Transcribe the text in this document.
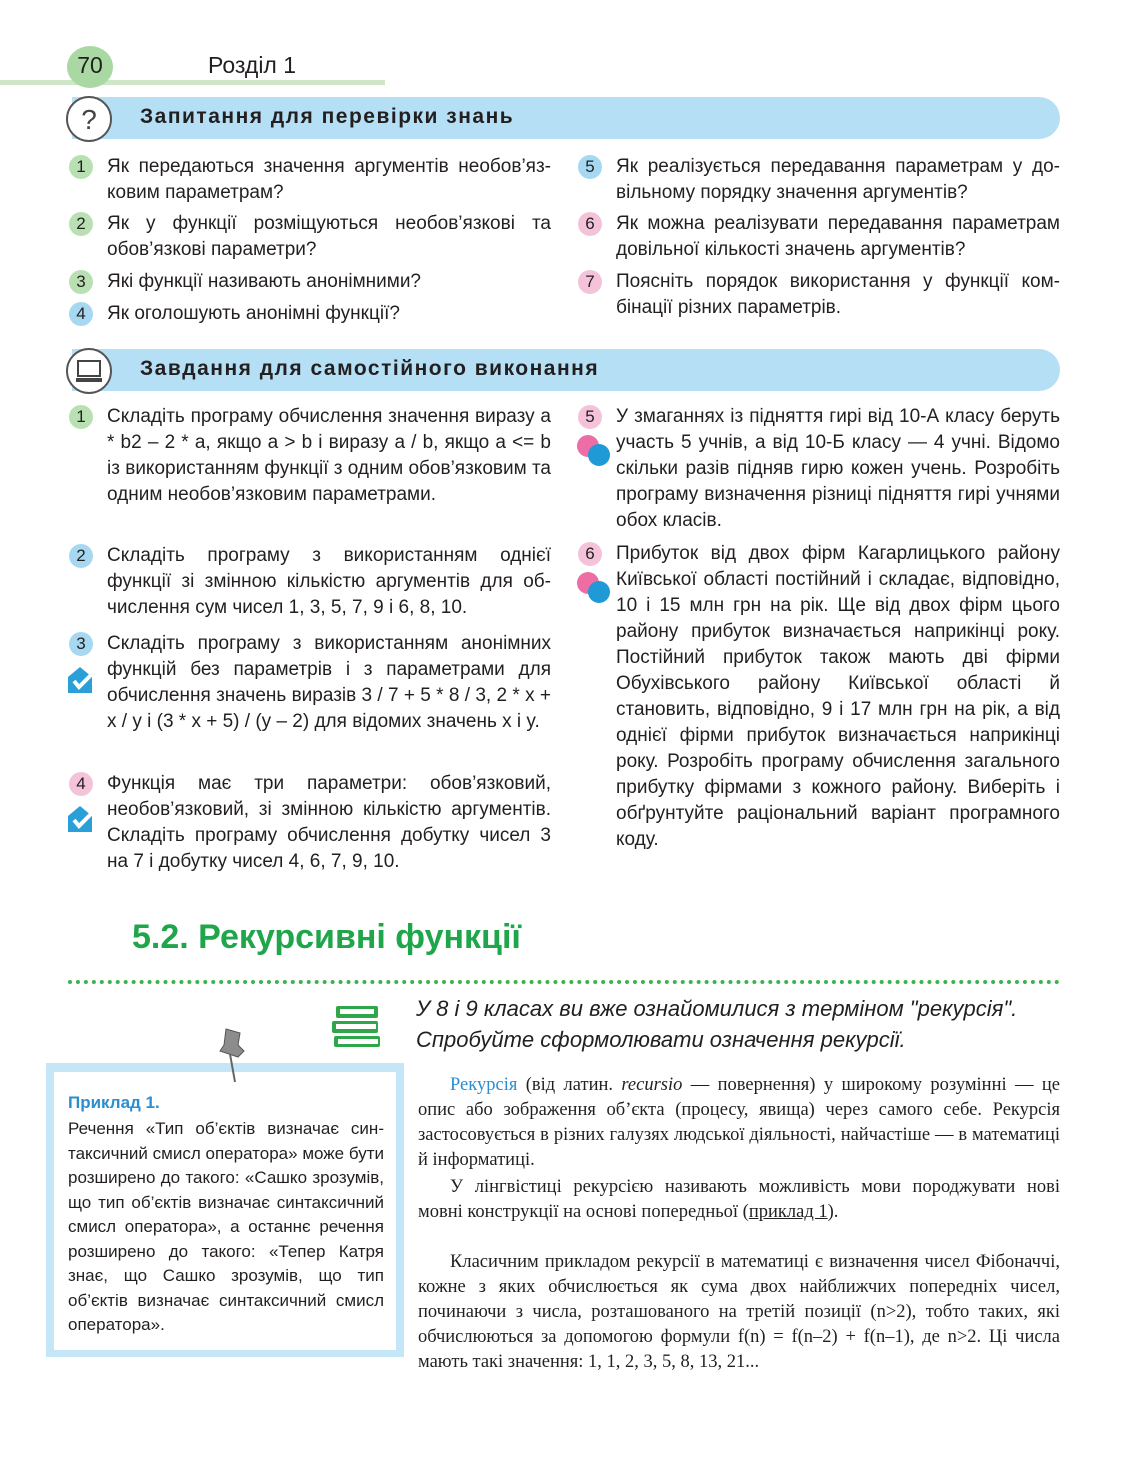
70	Розділ 1
? Запитання для перевірки знань
1	Як передаються значення аргументів необов’язковим параметрам?
2	Як у функції розміщуються необов’язкові та обов’язкові параметри?
3	Які функції називають анонімними?
4	Як оголошують анонімні функції?
5	Як реалізується передавання параметрам у довільному порядку значення аргументів?
6	Як можна реалізувати передавання параметрам довільної кількості значень аргументів?
7	Поясніть порядок використання у функції комбінації різних параметрів.
Завдання для самостійного виконання
1	Складіть програму обчислення значення виразу a * b2 – 2 * a, якщо a > b і виразу a / b, якщо a <= b із використанням функції з одним обов’язковим та одним необов’язковим параметрами.
2	Складіть програму з використанням однієї функції зі змінною кількістю аргументів для обчислення сум чисел 1, 3, 5, 7, 9 і 6, 8, 10.
3	Складіть програму з використанням анонімних функцій без параметрів і з параметрами для обчислення значень виразів 3 / 7 + 5 * 8 / 3, 2 * x + x / y і (3 * x + 5) / (y – 2) для відомих значень x і y.
4	Функція має три параметри: обов’язковий, необов’язковий, зі змінною кількістю аргументів. Складіть програму обчислення добутку чисел 3 на 7 і добутку чисел 4, 6, 7, 9, 10.
5	У змаганнях із підняття гирі від 10-А класу беруть участь 5 учнів, а від 10-Б класу — 4 учні. Відомо скільки разів підняв гирю кожен учень. Розробіть програму визначення різниці підняття гирі учнями обох класів.
6	Прибуток від двох фірм Кагарлицького району Київської області постійний і складає, відповідно, 10 і 15 млн грн на рік. Ще від двох фірм цього району прибуток визначається наприкінці року. Постійний прибуток також мають дві фірми Обухівського району Київської області й становить, відповідно, 9 і 17 млн грн на рік, а від однієї фірми прибуток визначається наприкінці року. Розробіть програму обчислення загального прибутку фірмами з кожного району. Виберіть і обґрунтуйте раціональний варіант програмного коду.
5.2. Рекурсивні функції
У 8 і 9 класах ви вже ознайомилися з терміном "рекурсія". Спробуйте сформолювати означення рекурсії.
Приклад 1.
Речення «Тип об’єктів визначає синтаксичний смисл оператора» може бути розширено до такого: «Сашко зрозумів, що тип об’єктів визначає синтаксичний смисл оператора», а останнє речення розширено до такого: «Тепер Катря знає, що Сашко зрозумів, що тип об’єктів визначає синтаксичний смисл оператора».
Рекурсія (від латин. recursio — повернення) у широкому розумінні — це опис або зображення об’єкта (процесу, явища) через самого себе. Рекурсія застосовується в різних галузях людської діяльності, найчастіше — в математиці й інформатиці.
У лінгвістиці рекурсією називають можливість мови породжувати нові мовні конструкції на основі попередньої (приклад 1).
Класичним прикладом рекурсії в математиці є визначення чисел Фібоначчі, кожне з яких обчислюється як сума двох найближчих попередніх чисел, починаючи з числа, розташованого на третій позиції (n>2), тобто таких, які обчислюються за допомогою формули f(n) = f(n–2) + f(n–1), де n>2. Ці числа мають такі значення: 1, 1, 2, 3, 5, 8, 13, 21...
